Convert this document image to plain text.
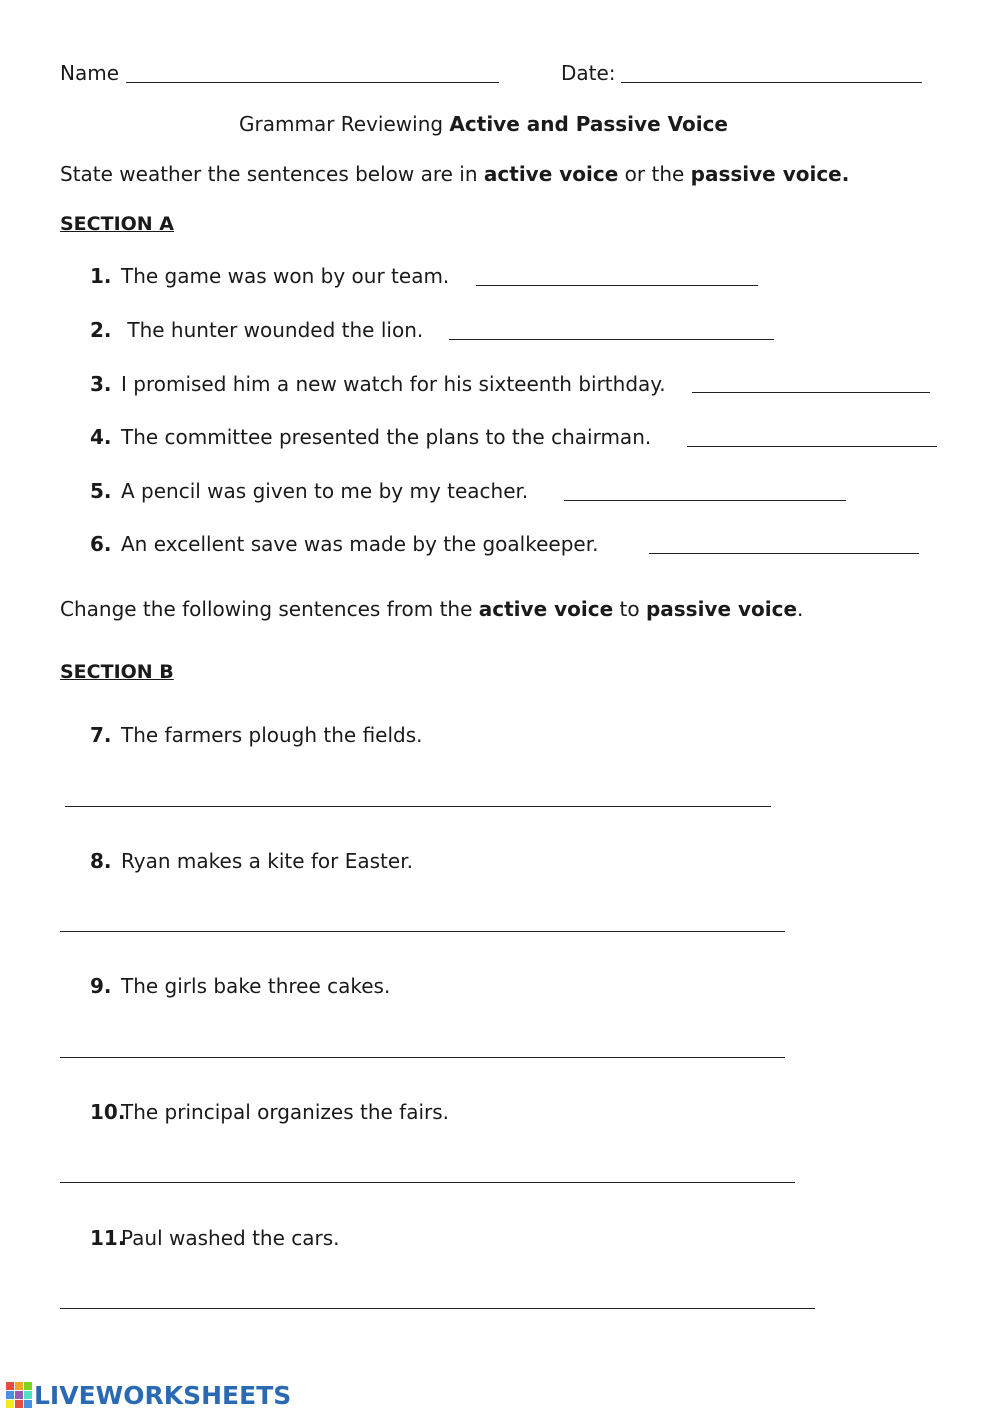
Name	Date:
Grammar Reviewing Active and Passive Voice
State weather the sentences below are in active voice or the passive voice.
SECTION A
1. The game was won by our team.
2. The hunter wounded the lion.
3. I promised him a new watch for his sixteenth birthday.
4. The committee presented the plans to the chairman.
5. A pencil was given to me by my teacher.
6. An excellent save was made by the goalkeeper.
Change the following sentences from the active voice to passive voice.
SECTION B
7. The farmers plough the fields.
8. Ryan makes a kite for Easter.
9. The girls bake three cakes.
10.The principal organizes the fairs.
11.Paul washed the cars.
LIVEWORKSHEETS
